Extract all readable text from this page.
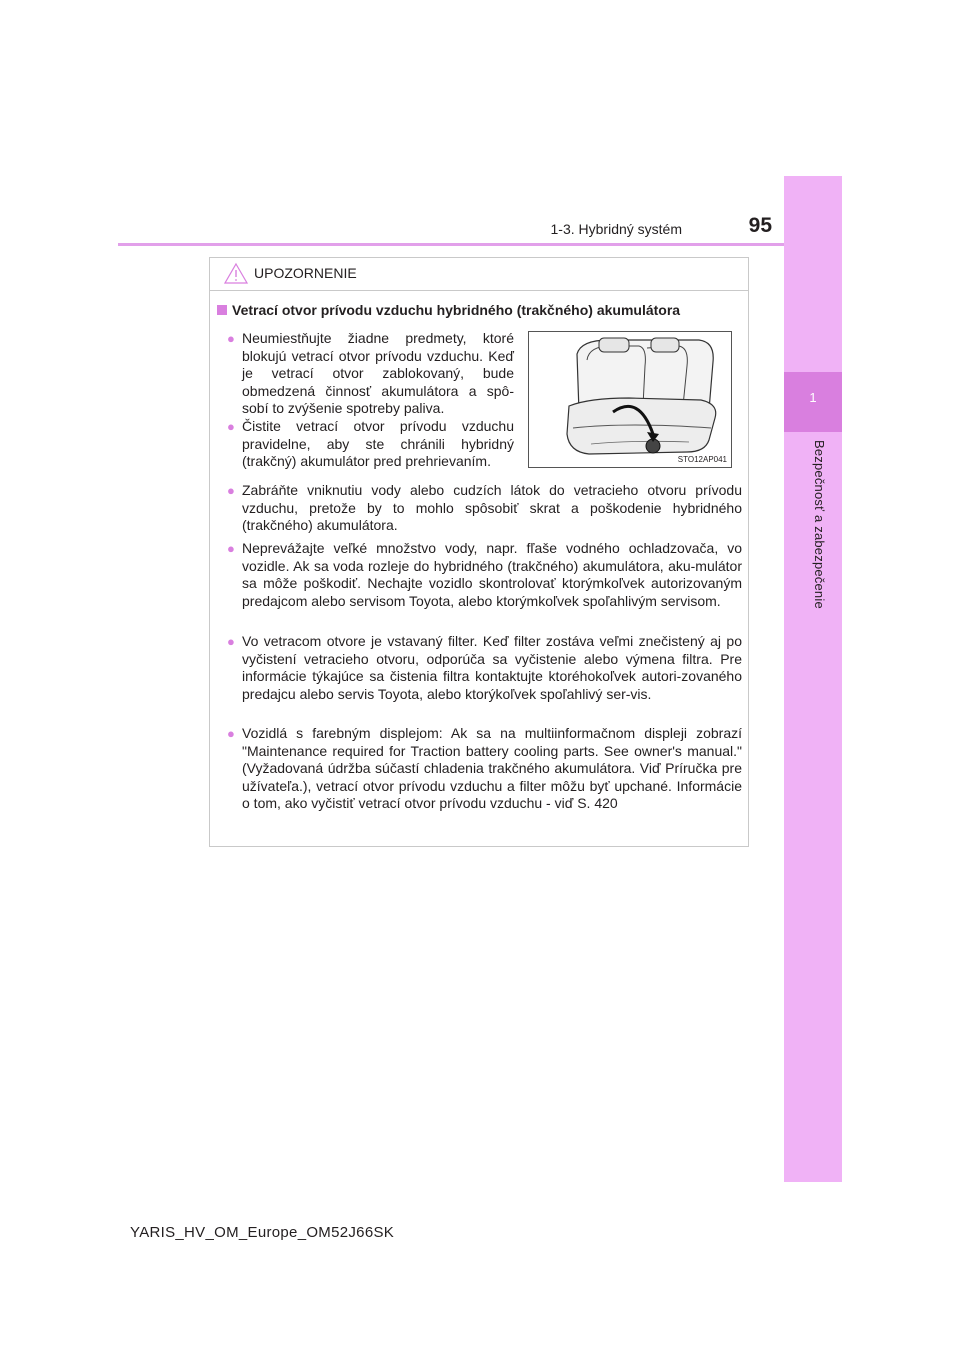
1
Bezpečnosť a zabezpečenie
1-3. Hybridný systém	95
UPOZORNENIE
Vetrací otvor prívodu vzduchu hybridného (trakčného) akumulátora
● Neumiestňujte žiadne predmety, ktoré blokujú vetrací otvor prívodu vzduchu. Keď je vetrací otvor zablokovaný, bude obmedzená činnosť akumulátora a spô-sobí to zvýšenie spotreby paliva.
● Čistite vetrací otvor prívodu vzduchu pravidelne, aby ste chránili hybridný (trakčný) akumulátor pred prehrievaním.	STO12AP041
● Zabráňte vniknutiu vody alebo cudzích látok do vetracieho otvoru prívodu vzduchu, pretože by to mohlo spôsobiť skrat a poškodenie hybridného (trakčného) akumulátora.
● Neprevážajte veľké množstvo vody, napr. fľaše vodného ochladzovača, vo vozidle. Ak sa voda rozleje do hybridného (trakčného) akumulátora, aku-mulátor sa môže poškodiť. Nechajte vozidlo skontrolovať ktorýmkoľvek autorizovaným predajcom alebo servisom Toyota, alebo ktorýmkoľvek spoľahlivým servisom.
● Vo vetracom otvore je vstavaný filter. Keď filter zostáva veľmi znečistený aj po vyčistení vetracieho otvoru, odporúča sa vyčistenie alebo výmena filtra. Pre informácie týkajúce sa čistenia filtra kontaktujte ktoréhokoľvek autori-zovaného predajcu alebo servis Toyota, alebo ktorýkoľvek spoľahlivý ser-vis.
● Vozidlá s farebným displejom: Ak sa na multiinformačnom displeji zobrazí "Maintenance required for Traction battery cooling parts. See owner's manual." (Vyžadovaná údržba súčastí chladenia trakčného akumulátora. Viď Príručka pre užívateľa.), vetrací otvor prívodu vzduchu a filter môžu byť upchané. Informácie o tom, ako vyčistiť vetrací otvor prívodu vzduchu - viď S. 420
YARIS_HV_OM_Europe_OM52J66SK
